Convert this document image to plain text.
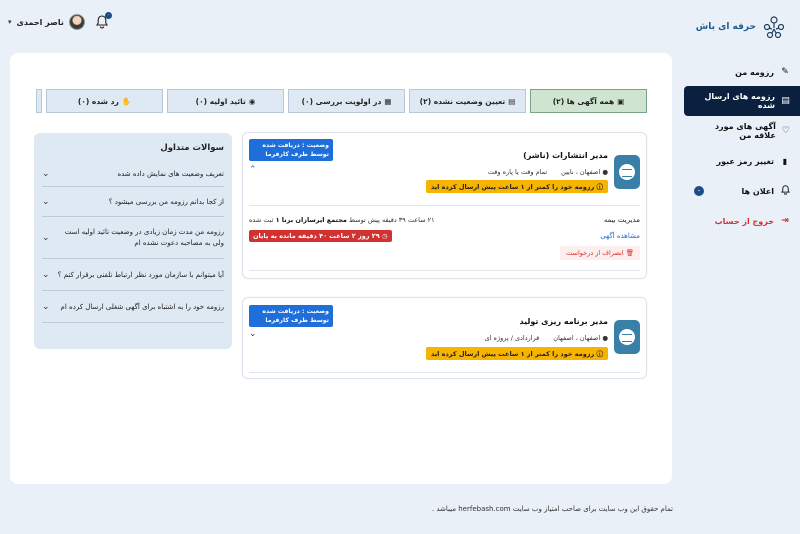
حرفه ای باش
▾ ناصر احمدی
۰
✎
رزومه من
▤
رزومه های ارسال شده
♡
آگهی های مورد علاقه من
▮
تغییر رمز عبور
اعلان ها
۰
⇥
خروج از حساب
▣
همه آگهی ها (۲)
▤
تعیین وضعیت نشده (۲)
▦
در اولویت بررسی (۰)
◉
تائید اولیه (۰)
✋
رد شده (۰)
سوالات متداول
تعریف وضعیت های نمایش داده شده
⌄
از کجا بدانم رزومه من بررسی میشود ؟
⌄
رزومه من مدت زمان زیادی در وضعیت تائید اولیه است ولی به مصاحبه دعوت نشده ام
⌄
آیا میتوانم با سازمان مورد نظر ارتباط تلفنی برقرار کنم ؟
⌄
رزومه خود را به اشتباه برای آگهی شغلی ارسال کرده ام
⌄
مدیر انتشارات (ناشر)
● اصفهان ، نایین
تمام وقت یا پاره وقت
ⓘ رزومه خود را کمتر از ۱ ساعت پیش ارسال کرده اید
وضعیت : دریافت شده توسط طرف کارفرما
⌃
مدیریت بیمه
مشاهده آگهی
🗑 انصراف از درخواست
۲۱ ساعت ۳۹ دقیقه پیش توسط مجتمع ایرسازان برنا ۱ ثبت شده
◷ ۲۹ روز ۲ ساعت ۴۰ دقیقه مانده به پایان
مدیر برنامه ریزی تولید
● اصفهان ، اصفهان
قراردادی / پروژه ای
ⓘ رزومه خود را کمتر از ۱ ساعت پیش ارسال کرده اید
وضعیت : دریافت شده توسط طرف کارفرما
⌄
تمام حقوق این وب سایت برای صاحب امتیاز وب سایت herfebash.com میباشد .
